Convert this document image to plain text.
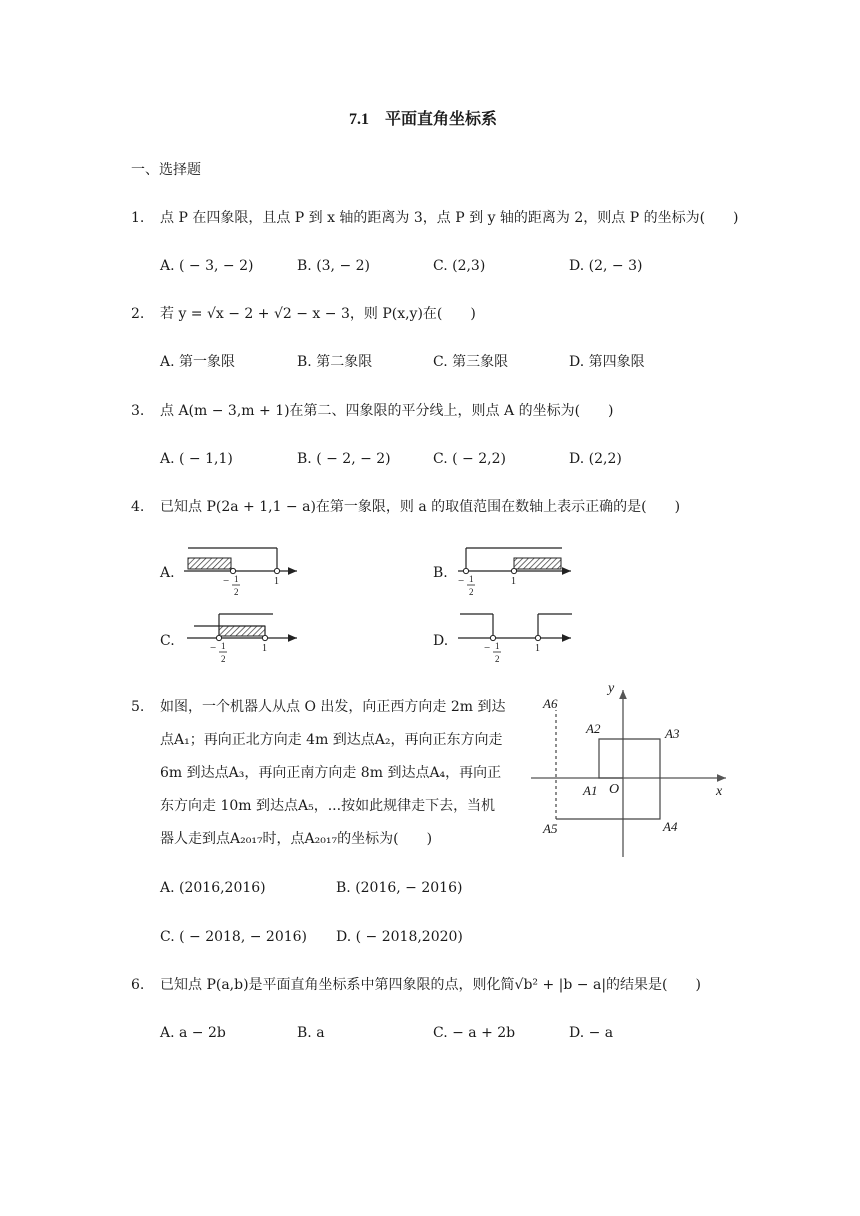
7.1　平面直角坐标系
一、选择题
1. 点 P 在四象限，且点 P 到 x 轴的距离为 3，点 P 到 y 轴的距离为 2，则点 P 的坐标为(　　)
A. ( − 3, − 2)	B. (3, − 2)	C. (2,3)	D. (2, − 3)
2. 若 y = √x − 2 + √2 − x − 3，则 P(x,y)在(　　)
A. 第一象限	B. 第二象限	C. 第三象限	D. 第四象限
3. 点 A(m − 3,m + 1)在第二、四象限的平分线上，则点 A 的坐标为(　　)
A. ( − 1,1)	B. ( − 2, − 2)	C. ( − 2,2)	D. (2,2)
4. 已知点 P(2a + 1,1 − a)在第一象限，则 a 的取值范围在数轴上表示正确的是(　　)
A.	B.
C.	D.
− 1
2
1	− 1
2
1
− 1
2
1	− 1
2
1
5. 如图，一个机器人从点 O 出发，向正西方向走 2m 到达
点A₁；再向正北方向走 4m 到达点A₂，再向正东方向走
6m 到达点A₃，再向正南方向走 8m 到达点A₄，再向正
东方向走 10m 到达点A₅，...按如此规律走下去，当机
器人走到点A₂₀₁₇时，点A₂₀₁₇的坐标为(　　)
y
x
O
A1
A2	A3
A4
A5
A6
A. (2016,2016)	B. (2016, − 2016)
C. ( − 2018, − 2016) D. ( − 2018,2020)
6. 已知点 P(a,b)是平面直角坐标系中第四象限的点，则化简√b² + |b − a|的结果是(　　)
A. a − 2b	B. a	C. − a + 2b	D. − a
